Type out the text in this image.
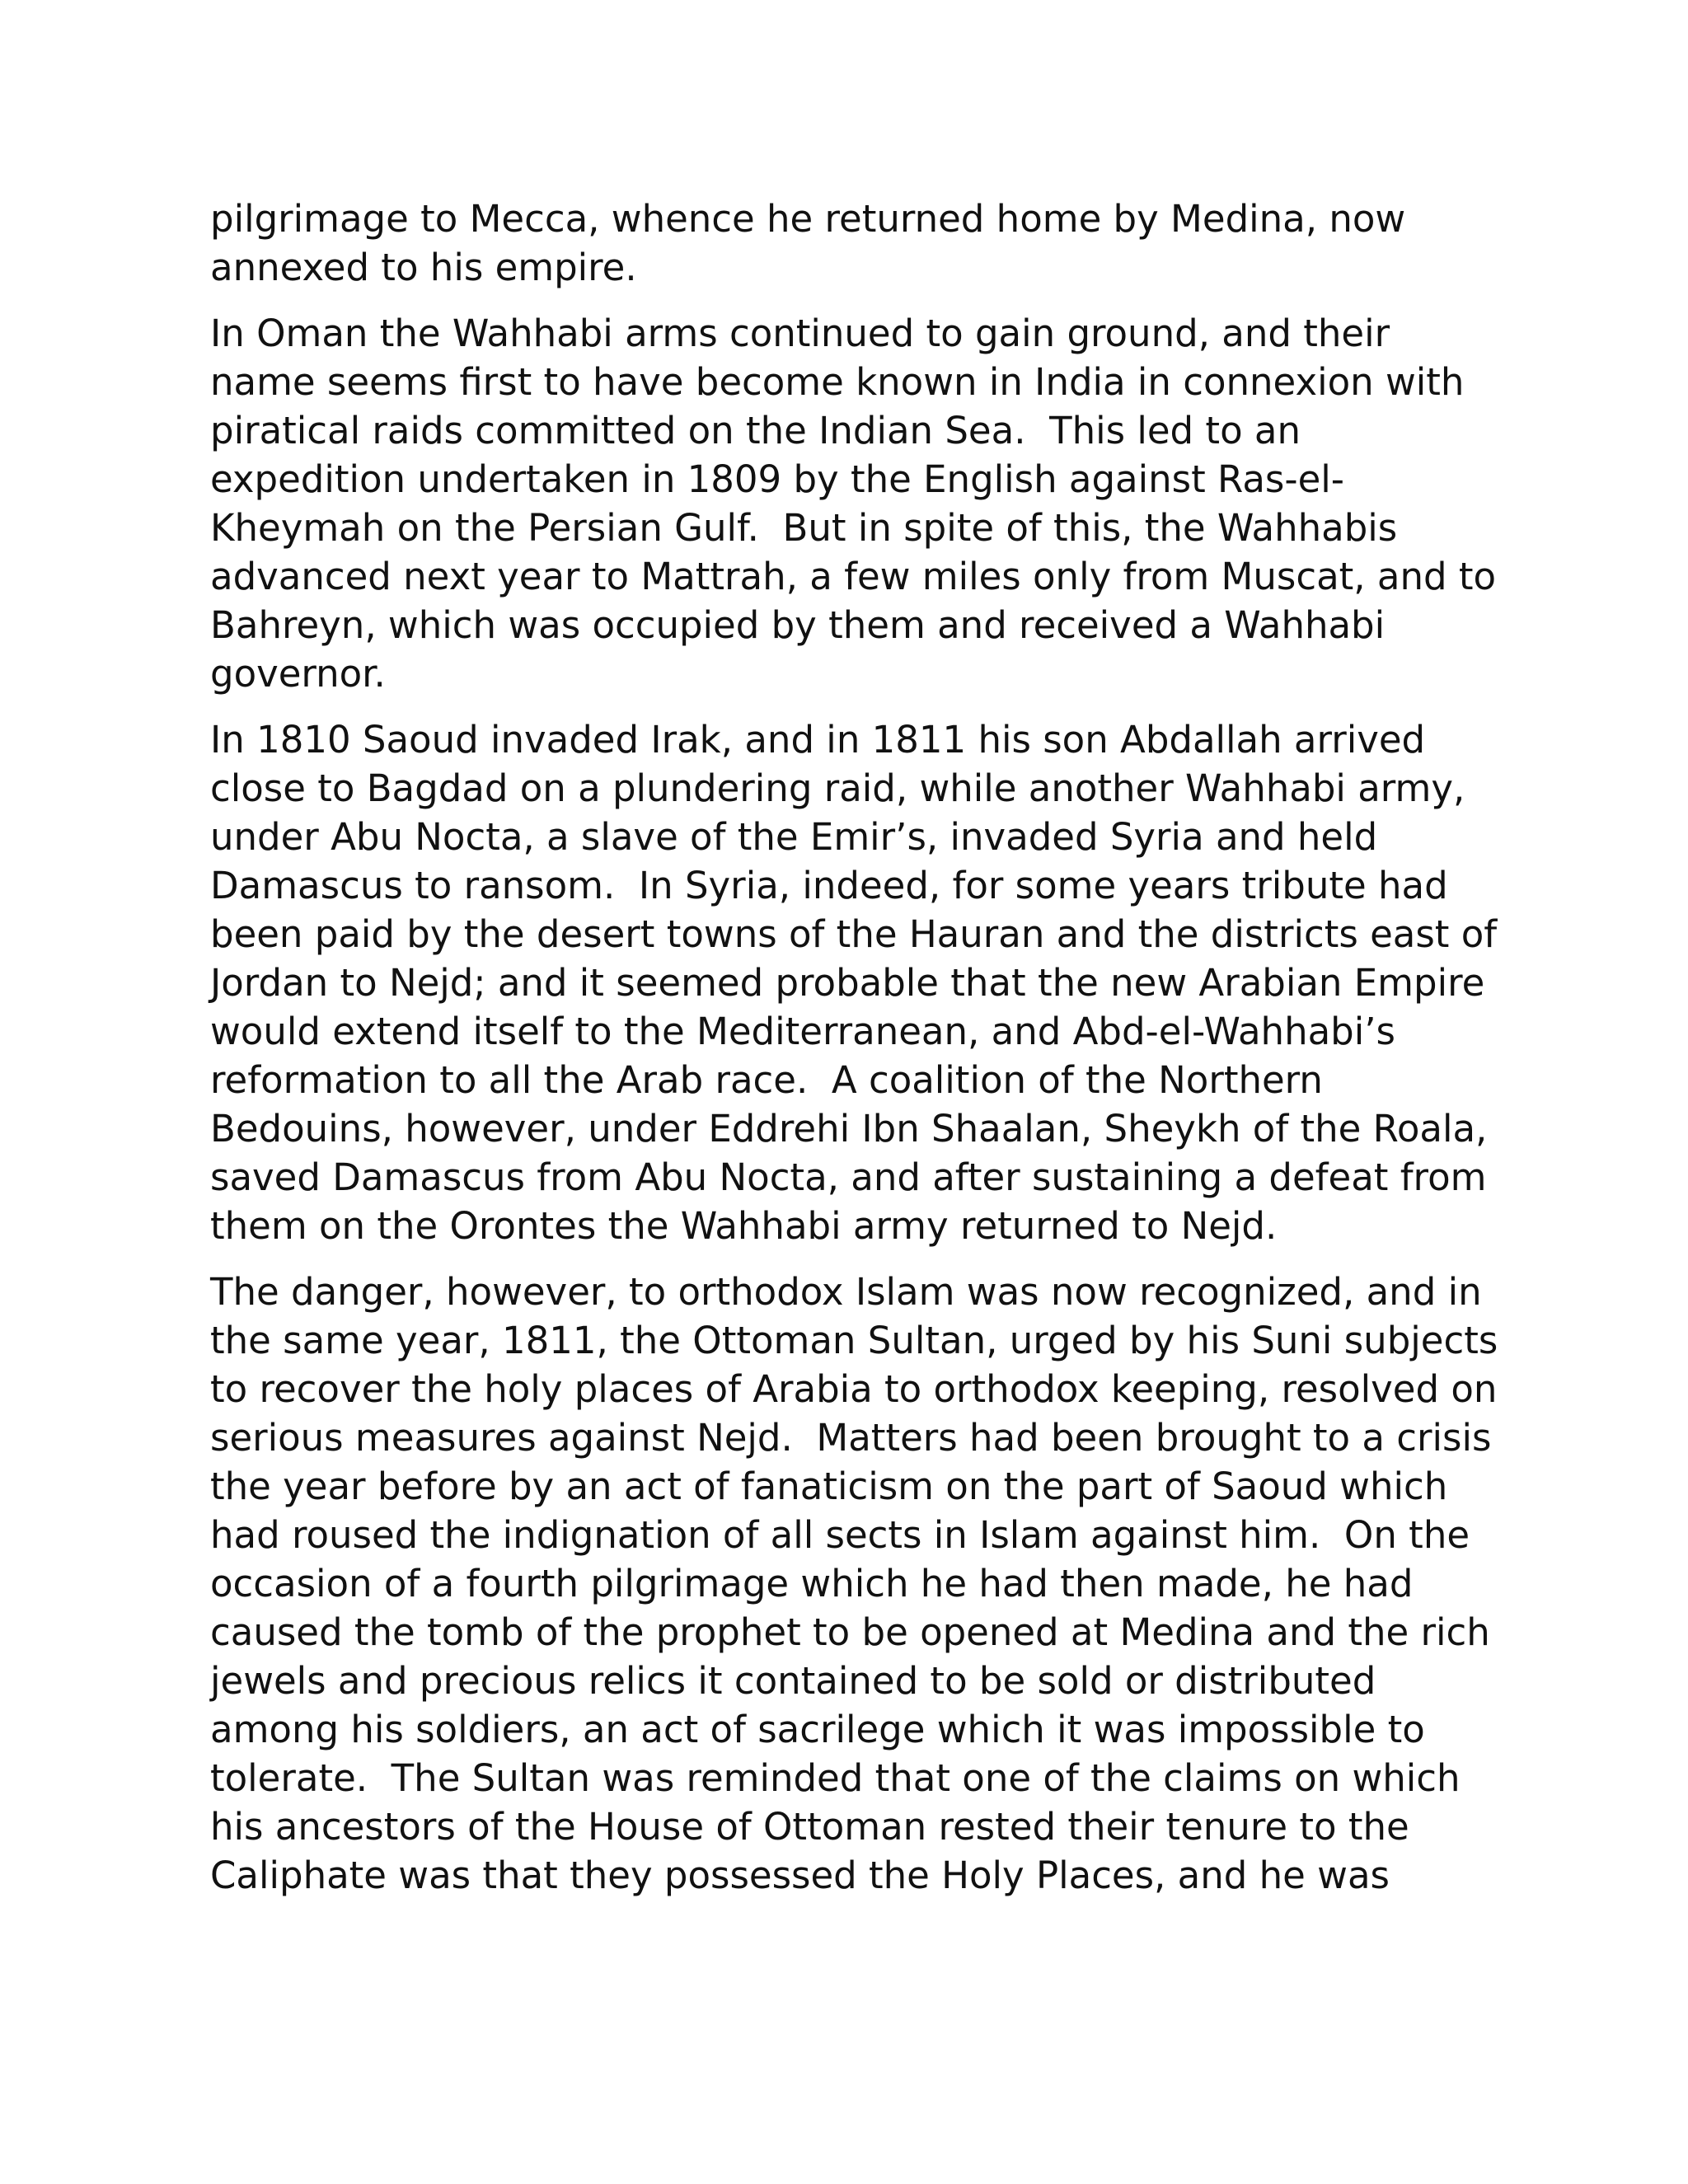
pilgrimage to Mecca, whence he returned home by Medina, now
annexed to his empire.

In Oman the Wahhabi arms continued to gain ground, and their
name seems first to have become known in India in connexion with
piratical raids committed on the Indian Sea.  This led to an
expedition undertaken in 1809 by the English against Ras-el-
Kheymah on the Persian Gulf.  But in spite of this, the Wahhabis
advanced next year to Mattrah, a few miles only from Muscat, and to
Bahreyn, which was occupied by them and received a Wahhabi
governor.

In 1810 Saoud invaded Irak, and in 1811 his son Abdallah arrived
close to Bagdad on a plundering raid, while another Wahhabi army,
under Abu Nocta, a slave of the Emir’s, invaded Syria and held
Damascus to ransom.  In Syria, indeed, for some years tribute had
been paid by the desert towns of the Hauran and the districts east of
Jordan to Nejd; and it seemed probable that the new Arabian Empire
would extend itself to the Mediterranean, and Abd-el-Wahhabi’s
reformation to all the Arab race.  A coalition of the Northern
Bedouins, however, under Eddrehi Ibn Shaalan, Sheykh of the Roala,
saved Damascus from Abu Nocta, and after sustaining a defeat from
them on the Orontes the Wahhabi army returned to Nejd.

The danger, however, to orthodox Islam was now recognized, and in
the same year, 1811, the Ottoman Sultan, urged by his Suni subjects
to recover the holy places of Arabia to orthodox keeping, resolved on
serious measures against Nejd.  Matters had been brought to a crisis
the year before by an act of fanaticism on the part of Saoud which
had roused the indignation of all sects in Islam against him.  On the
occasion of a fourth pilgrimage which he had then made, he had
caused the tomb of the prophet to be opened at Medina and the rich
jewels and precious relics it contained to be sold or distributed
among his soldiers, an act of sacrilege which it was impossible to
tolerate.  The Sultan was reminded that one of the claims on which
his ancestors of the House of Ottoman rested their tenure to the
Caliphate was that they possessed the Holy Places, and he was
